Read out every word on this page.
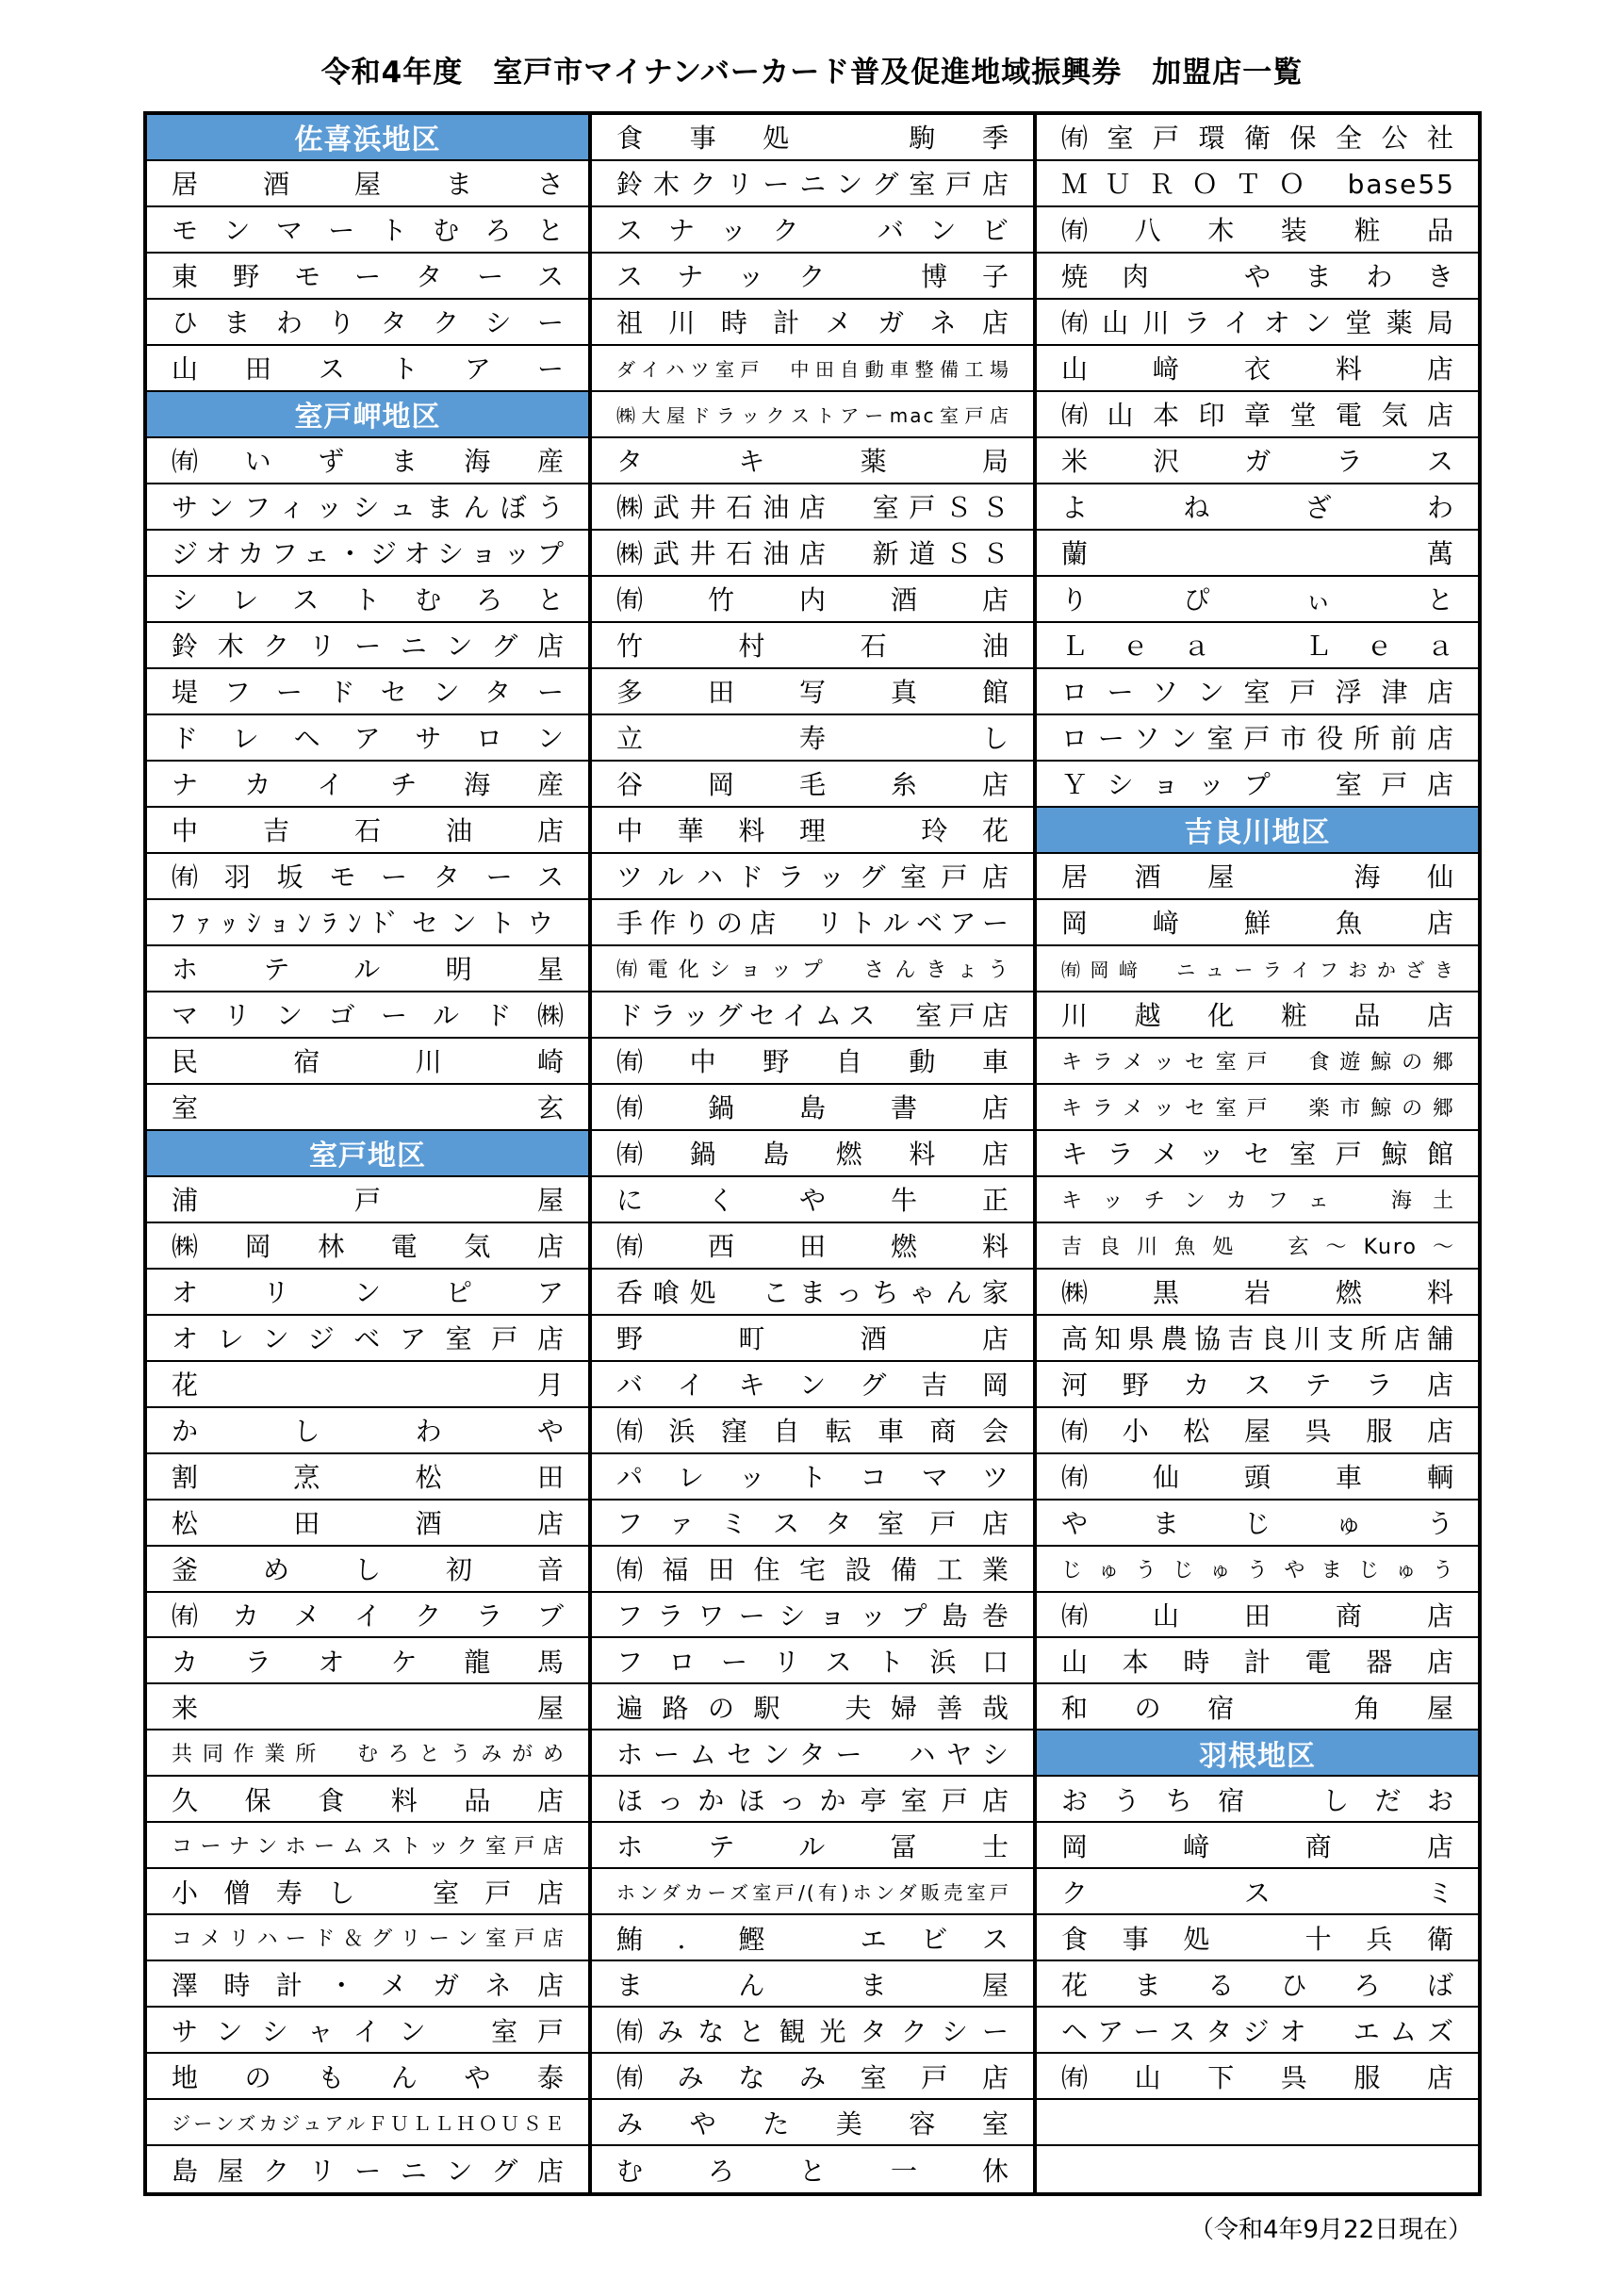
令和4年度　室戸市マイナンバーカード普及促進地域振興券　加盟店一覧
佐喜浜地区
居酒屋まさ
モンマートむろと
東野モータース
ひまわりタクシー
山田ストアー
室戸岬地区
㈲いずま海産
サンフィッシュまんぼう
ジオカフェ・ジオショップ
シレストむろと
鈴木クリーニング店
堤フードセンター
ドレヘアサロン
ナカイチ海産
中吉石油店
㈲羽坂モータース
ﾌｧｯｼｮﾝﾗﾝﾄﾞセントウ
ホテル明星
マリンゴールド㈱
民宿川崎
室玄
室戸地区
浦戸屋
㈱岡林電気店
オリンピア
オレンジベア室戸店
花月
かしわや
割烹松田
松田酒店
釜めし初音
㈲カメイクラブ
カラオケ龍馬
来屋
共同作業所　むろとうみがめ
久保食料品店
コーナンホームストック室戸店
小僧寿し　室戸店
コメリハード＆グリーン室戸店
澤時計・メガネ店
サンシャイン　室戸
地のもんや泰
ジーンズカジュアルＦＵＬＬＨＯＵＳＥ
島屋クリーニング店
食事処　駒季
鈴木クリーニング室戸店
スナック　バンビ
スナック　博子
祖川時計メガネ店
ダイハツ室戸　中田自動車整備工場
㈱大屋ドラックストアーmac室戸店
タキ薬局
㈱武井石油店　室戸ＳＳ
㈱武井石油店　新道ＳＳ
㈲竹内酒店
竹村石油
多田写真館
立寿し
谷岡毛糸店
中華料理　玲花
ツルハドラッグ室戸店
手作りの店　リトルベアー
㈲電化ショップ　さんきょう
ドラッグセイムス　室戸店
㈲中野自動車
㈲鍋島書店
㈲鍋島燃料店
にくや牛正
㈲西田燃料
呑喰処　こまっちゃん家
野町酒店
バイキング吉岡
㈲浜窪自転車商会
パレットコマツ
ファミスタ室戸店
㈲福田住宅設備工業
フラワーショップ島巻
フローリスト浜口
遍路の駅　夫婦善哉
ホームセンター　ハヤシ
ほっかほっか亭室戸店
ホテル冨士
ホンダカーズ室戸/(有)ホンダ販売室戸
鮪．鰹　エビス
まんま屋
㈲みなと観光タクシー
㈲みなみ室戸店
みやた美容室
むろと一休
㈲室戸環衛保全公社
ＭＵＲＯＴＯ base55
㈲八木装粧品
焼肉　やまわき
㈲山川ライオン堂薬局
山﨑衣料店
㈲山本印章堂電気店
米沢ガラス
よねざわ
蘭萬
りぴぃと
Ｌｅａ　Ｌｅａ
ローソン室戸浮津店
ローソン室戸市役所前店
Ｙショップ　室戸店
吉良川地区
居酒屋　海仙
岡﨑鮮魚店
㈲岡﨑　ニューライフおかざき
川越化粧品店
キラメッセ室戸　食遊鯨の郷
キラメッセ室戸　楽市鯨の郷
キラメッセ室戸鯨館
キッチンカフェ　海土
吉良川魚処　玄〜Kuro〜
㈱黒岩燃料
高知県農協吉良川支所店舗
河野カステラ店
㈲小松屋呉服店
㈲仙頭車輌
やまじゅう
じゅうじゅうやまじゅう
㈲山田商店
山本時計電器店
和の宿　角屋
羽根地区
おうち宿　しだお
岡﨑商店
クスミ
食事処　十兵衛
花まるひろば
ヘアースタジオ　エムズ
㈲山下呉服店
（令和4年9月22日現在）
